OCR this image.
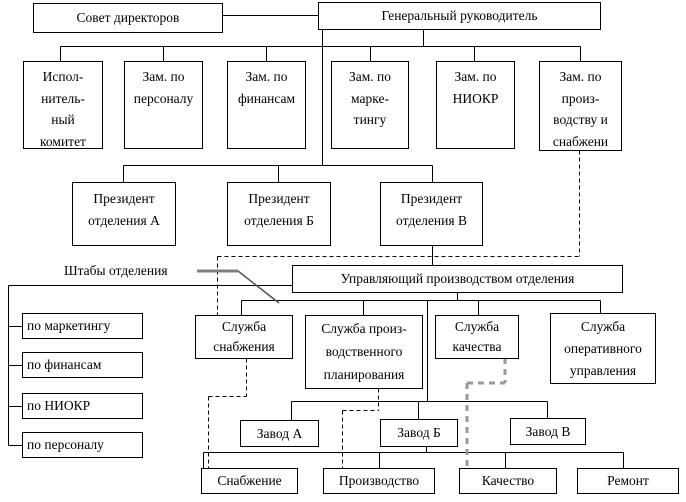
Совет директоров	Генеральный руководитель
Испол-
нитель-
ный
комитет
Зам. по
персоналу
Зам. по
финансам
Зам. по
марке-
тингу
Зам. по
НИОКР
Зам. по
произ-
водству и
снабжени
Президент
отделения А
Президент
отделения Б
Президент
отделения В
Штабы отделения
Управляющий производством отделения
по маркетингу
по финансам
по НИОКР
по персоналу
Служба
снабжения
Служба произ-
водственного
планирования
Служба
качества
Служба
оперативного
управления
Завод А	Завод Б	Завод В
Снабжение	Производство	Качество	Ремонт
